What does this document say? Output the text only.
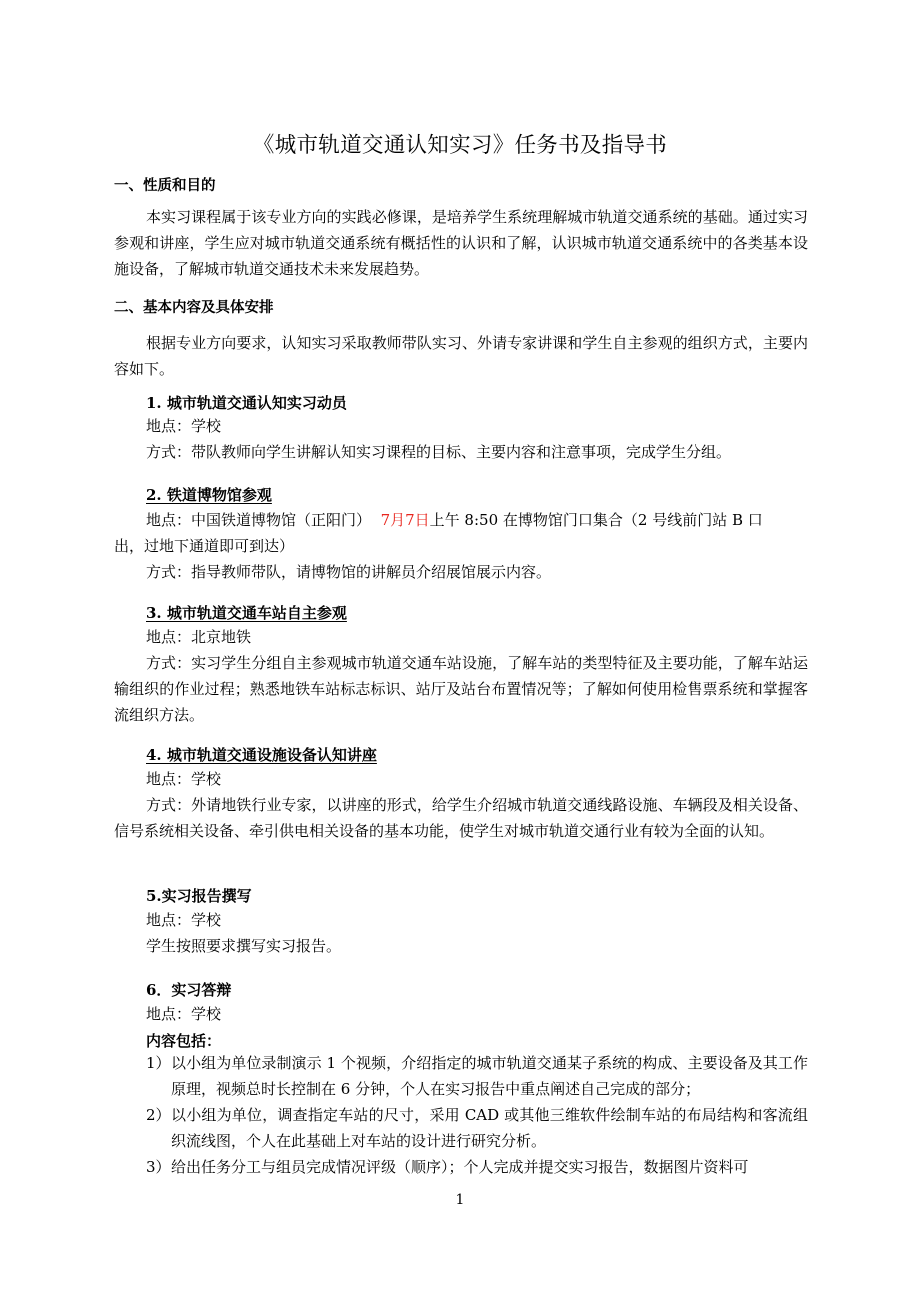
《城市轨道交通认知实习》任务书及指导书
一、性质和目的
本实习课程属于该专业方向的实践必修课，是培养学生系统理解城市轨道交通系统的基础。通过实习参观和讲座，学生应对城市轨道交通系统有概括性的认识和了解，认识城市轨道交通系统中的各类基本设施设备，了解城市轨道交通技术未来发展趋势。
二、基本内容及具体安排
根据专业方向要求，认知实习采取教师带队实习、外请专家讲课和学生自主参观的组织方式，主要内容如下。
1. 城市轨道交通认知实习动员
地点：学校
方式：带队教师向学生讲解认知实习课程的目标、主要内容和注意事项，完成学生分组。
2. 铁道博物馆参观
地点：中国铁道博物馆（正阳门） 7月7日上午 8:50 在博物馆门口集合（2 号线前门站 B 口
出，过地下通道即可到达）
方式：指导教师带队，请博物馆的讲解员介绍展馆展示内容。
3. 城市轨道交通车站自主参观
地点：北京地铁
方式：实习学生分组自主参观城市轨道交通车站设施，了解车站的类型特征及主要功能，了解车站运输组织的作业过程；熟悉地铁车站标志标识、站厅及站台布置情况等；了解如何使用检售票系统和掌握客流组织方法。
4. 城市轨道交通设施设备认知讲座
地点：学校
方式：外请地铁行业专家，以讲座的形式，给学生介绍城市轨道交通线路设施、车辆段及相关设备、信号系统相关设备、牵引供电相关设备的基本功能，使学生对城市轨道交通行业有较为全面的认知。
5.实习报告撰写
地点：学校
学生按照要求撰写实习报告。
6．实习答辩
地点：学校
内容包括：
1） 以小组为单位录制演示 1 个视频，介绍指定的城市轨道交通某子系统的构成、主要设备及其工作原理，视频总时长控制在 6 分钟，个人在实习报告中重点阐述自己完成的部分；
2） 以小组为单位，调查指定车站的尺寸，采用 CAD 或其他三维软件绘制车站的布局结构和客流组织流线图，个人在此基础上对车站的设计进行研究分析。
3） 给出任务分工与组员完成情况评级（顺序）；个人完成并提交实习报告，数据图片资料可
1
